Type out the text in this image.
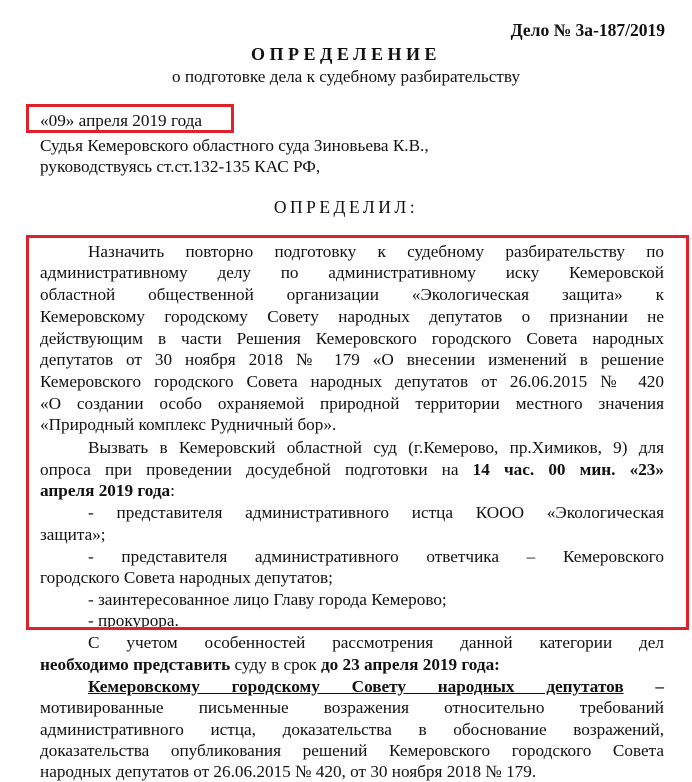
Дело № 3а-187/2019
ОПРЕДЕЛЕНИЕ
о подготовке дела к судебному разбирательству
«09» апреля 2019 года
Судья Кемеровского областного суда Зиновьева К.В.,
руководствуясь ст.ст.132-135 КАС РФ,
ОПРЕДЕЛИЛ:
Назначить повторно подготовку к судебному разбирательству по
административному делу по административному иску Кемеровской
областной общественной организации «Экологическая защита» к
Кемеровскому городскому Совету народных депутатов о признании не
действующим в части Решения Кемеровского городского Совета народных
депутатов от 30 ноября 2018 № 179 «О внесении изменений в решение
Кемеровского городского Совета народных депутатов от 26.06.2015 № 420
«О создании особо охраняемой природной территории местного значения
«Природный комплекс Рудничный бор».
Вызвать в Кемеровский областной суд (г.Кемерово, пр.Химиков, 9) для
опроса при проведении досудебной подготовки на 14 час. 00 мин. «23»
апреля 2019 года:
- представителя административного истца КООО «Экологическая
защита»;
- представителя административного ответчика – Кемеровского
городского Совета народных депутатов;
- заинтересованное лицо Главу города Кемерово;
- прокурора.
С учетом особенностей рассмотрения данной категории дел
необходимо представить суду в срок до 23 апреля 2019 года:
Кемеровскому городскому Совету народных депутатов –
мотивированные письменные возражения относительно требований
административного истца, доказательства в обоснование возражений,
доказательства опубликования решений Кемеровского городского Совета
народных депутатов от 26.06.2015 № 420, от 30 ноября 2018 № 179.
